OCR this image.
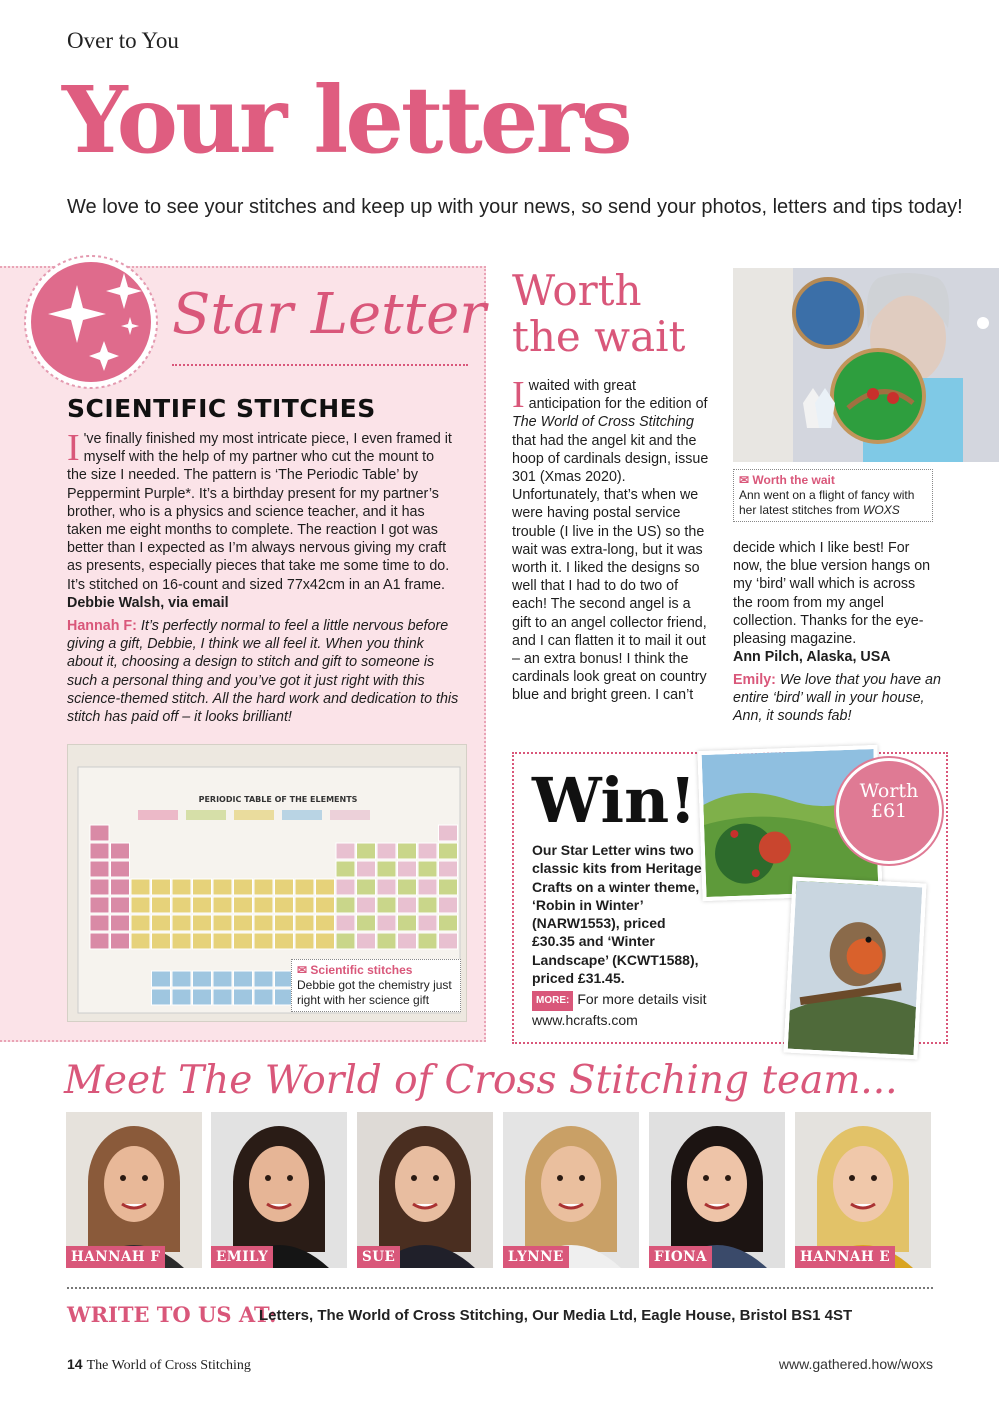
Over to You
Your letters

We love to see your stitches and keep up with your news, so send your photos, letters and tips today!

Star Letter
SCIENTIFIC STITCHES
I 've finally finished my most intricate piece, I even framed it myself with the help of my partner who cut the mount to the size I needed. The pattern is ‘The Periodic Table’ by Peppermint Purple*. It’s a birthday present for my partner’s brother, who is a physics and science teacher, and it has taken me eight months to complete. The reaction I got was better than I expected as I’m always nervous giving my craft as presents, especially pieces that take me some time to do. It’s stitched on 16-count and sized 77x42cm in an A1 frame.
Debbie Walsh, via email
Hannah F: It’s perfectly normal to feel a little nervous before giving a gift, Debbie, I think we all feel it. When you think about it, choosing a design to stitch and gift to someone is such a personal thing and you’ve got it just right with this science-themed stitch. All the hard work and dedication to this stitch has paid off – it looks brilliant!
PERIODIC TABLE OF THE ELEMENTS
✉ Scientific stitches
Debbie got the chemistry just right with her science gift
Worth
the wait
I waited with great anticipation for the edition of The World of Cross Stitching that had the angel kit and the hoop of cardinals design, issue 301 (Xmas 2020). Unfortunately, that’s when we were having postal service trouble (I live in the US) so the wait was extra-long, but it was worth it. I liked the designs so well that I had to do two of each! The second angel is a gift to an angel collector friend, and I can flatten it to mail it out – an extra bonus! I think the cardinals look great on country blue and bright green. I can’t
✉ Worth the wait
Ann went on a flight of fancy with her latest stitches from WOXS
decide which I like best! For now, the blue version hangs on my ‘bird’ wall which is across the room from my angel collection. Thanks for the eye-pleasing magazine.
Ann Pilch, Alaska, USA
Emily: We love that you have an entire ‘bird’ wall in your house, Ann, it sounds fab!
Win!

Our Star Letter wins two classic kits from Heritage Crafts on a winter theme, ‘Robin in Winter’ (NARW1553), priced £30.35 and ‘Winter Landscape’ (KCWT1588), priced £31.45.

MORE: For more details visit www.hcrafts.com

Worth
£61
Meet The World of Cross Stitching team...
HANNAH F	EMILY	SUE	LYNNE	FIONA	HANNAH E
WRITE TO US AT:
Letters, The World of Cross Stitching, Our Media Ltd, Eagle House, Bristol BS1 4ST
14 The World of Cross Stitching	www.gathered.how/woxs
